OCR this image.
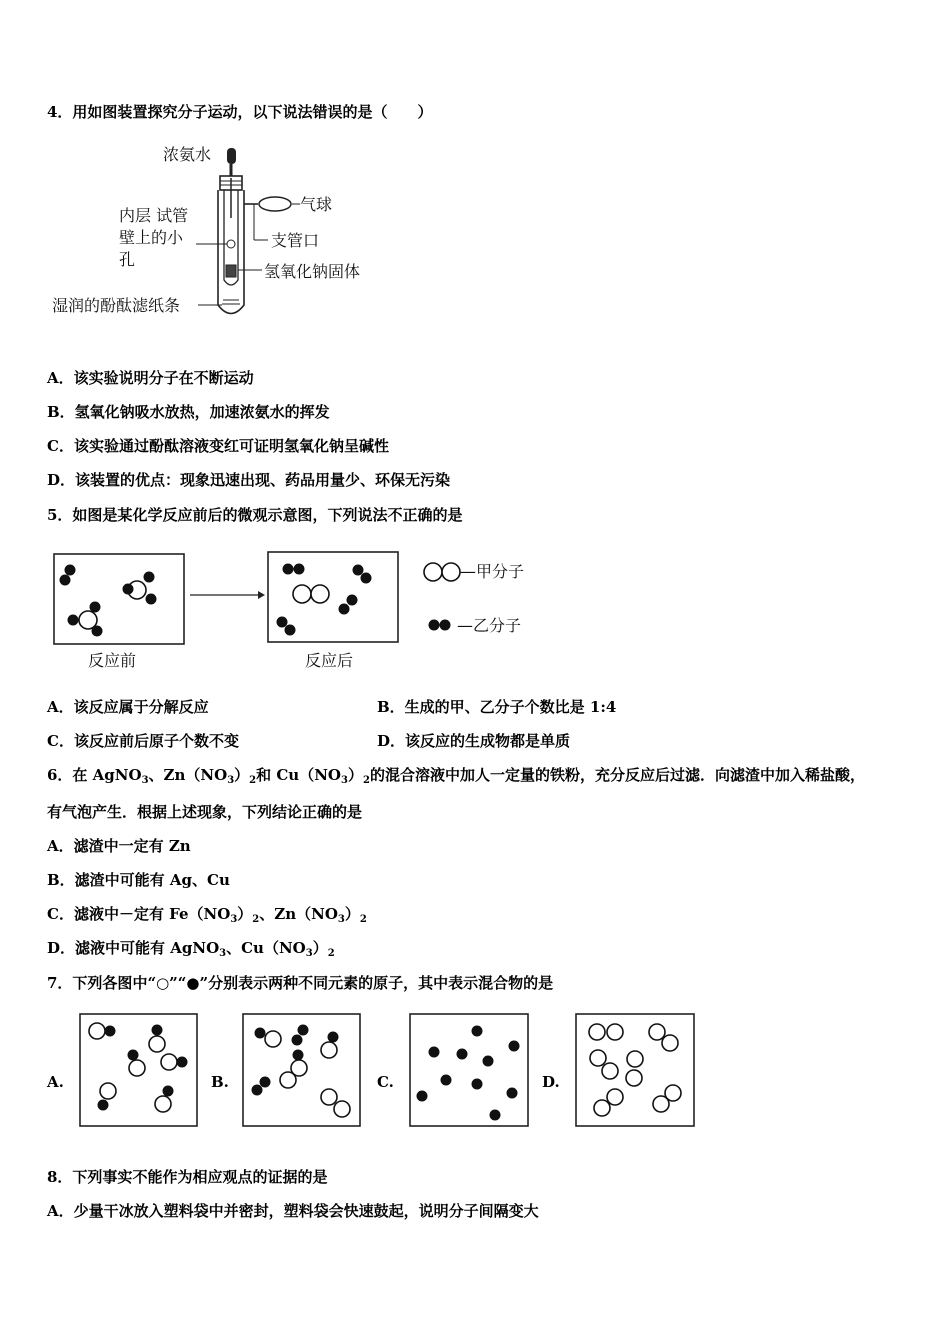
4．用如图装置探究分子运动，以下说法错误的是（　　）
浓氨水
气球
内层 试管
壁上的小
孔
支管口
氢氧化钠固体
湿润的酚酞滤纸条
—甲分子
—乙分子
反应前	反应后
A.	B.	C.	D.
A．该实验说明分子在不断运动
B．氢氧化钠吸水放热，加速浓氨水的挥发
C．该实验通过酚酞溶液变红可证明氢氧化钠呈碱性
D．该装置的优点：现象迅速出现、药品用量少、环保无污染
5．如图是某化学反应前后的微观示意图，下列说法不正确的是
A．该反应属于分解反应	B．生成的甲、乙分子个数比是 1:4
C．该反应前后原子个数不变	D．该反应的生成物都是单质
6．在 AgNO$_3$、$Zn(NO_3)_2$和 $Cu(NO_3)_2$的混合溶液中加人一定量的铁粉，充分反应后过滤．向滤渣中加入稀盐酸，
有气泡产生．根据上述现象，下列结论正确的是
A．滤渣中一定有 Zn
B．滤渣中可能有 Ag、Cu
C．滤液中－定有 $Fe(NO_3)_2$、$Zn(NO_3)_2$
D．滤液中可能有 AgNO$_3$、$Cu(NO_3)_2$
7．下列各图中“○”“●”分别表示两种不同元素的原子，其中表示混合物的是
8．下列事实不能作为相应观点的证据的是
A．少量干冰放入塑料袋中并密封，塑料袋会快速鼓起，说明分子间隔变大
